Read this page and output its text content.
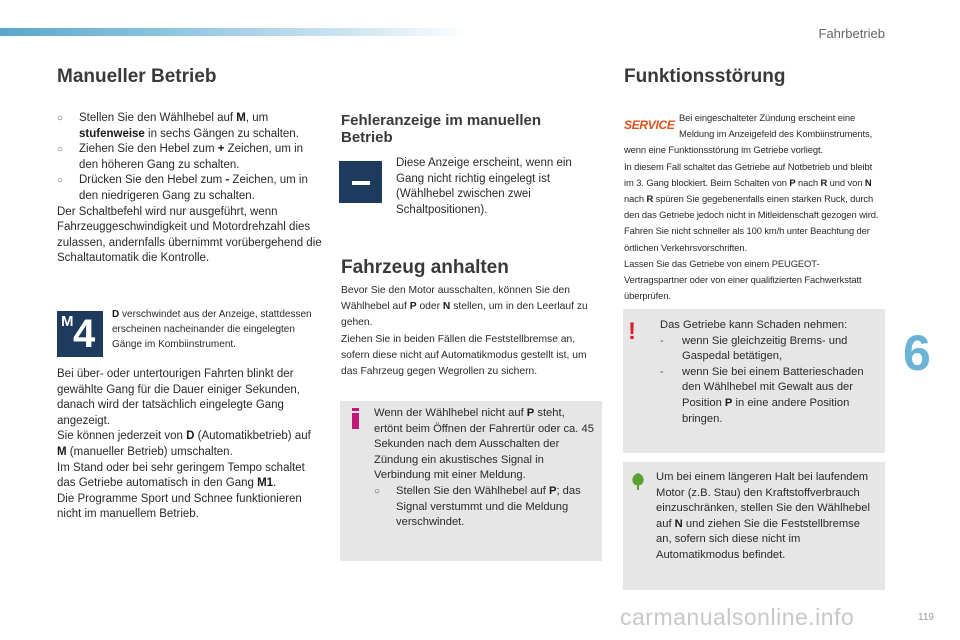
Fahrbetrieb
Manueller Betrieb
○ Stellen Sie den Wählhebel auf M, um stufenweise in sechs Gängen zu schalten.
○ Ziehen Sie den Hebel zum + Zeichen, um in den höheren Gang zu schalten.
○ Drücken Sie den Hebel zum - Zeichen, um in den niedrigeren Gang zu schalten.
Der Schaltbefehl wird nur ausgeführt, wenn Fahrzeuggeschwindigkeit und Motordrehzahl dies zulassen, andernfalls übernimmt vorübergehend die Schaltautomatik die Kontrolle.
M 4 D verschwindet aus der Anzeige, stattdessen erscheinen nacheinander die eingelegten Gänge im Kombiinstrument.
Bei über- oder untertourigen Fahrten blinkt der gewählte Gang für die Dauer einiger Sekunden, danach wird der tatsächlich eingelegte Gang angezeigt.
Sie können jederzeit von D (Automatikbetrieb) auf M (manueller Betrieb) umschalten.
Im Stand oder bei sehr geringem Tempo schaltet das Getriebe automatisch in den Gang M1.
Die Programme Sport und Schnee funktionieren nicht im manuellem Betrieb.
Fehleranzeige im manuellen Betrieb
Diese Anzeige erscheint, wenn ein Gang nicht richtig eingelegt ist (Wählhebel zwischen zwei Schaltpositionen).
Fahrzeug anhalten
Bevor Sie den Motor ausschalten, können Sie den Wählhebel auf P oder N stellen, um in den Leerlauf zu gehen.
Ziehen Sie in beiden Fällen die Feststellbremse an, sofern diese nicht auf Automatikmodus gestellt ist, um das Fahrzeug gegen Wegrollen zu sichern.
Wenn der Wählhebel nicht auf P steht, ertönt beim Öffnen der Fahrertür oder ca. 45 Sekunden nach dem Ausschalten der Zündung ein akustisches Signal in Verbindung mit einer Meldung.
○ Stellen Sie den Wählhebel auf P; das Signal verstummt und die Meldung verschwindet.
Funktionsstörung
SERVICE
Bei eingeschalteter Zündung erscheint eine
Meldung im Anzeigefeld des Kombiinstruments,
wenn eine Funktionsstörung im Getriebe vorliegt.
In diesem Fall schaltet das Getriebe auf Notbetrieb und bleibt
im 3. Gang blockiert. Beim Schalten von P nach R und von N
nach R spüren Sie gegebenenfalls einen starken Ruck, durch
den das Getriebe jedoch nicht in Mitleidenschaft gezogen wird.
Fahren Sie nicht schneller als 100 km/h unter Beachtung der
örtlichen Verkehrsvorschriften.
Lassen Sie das Getriebe von einem PEUGEOT-
Vertragspartner oder von einer qualifizierten Fachwerkstatt
überprüfen.
! Das Getriebe kann Schaden nehmen:
- wenn Sie gleichzeitig Brems- und Gaspedal betätigen,
- wenn Sie bei einem Batterieschaden den Wählhebel mit Gewalt aus der Position P in eine andere Position bringen.
Um bei einem längeren Halt bei laufendem Motor (z.B. Stau) den Kraftstoffverbrauch einzuschränken, stellen Sie den Wählhebel auf N und ziehen Sie die Feststellbremse an, sofern sich diese nicht im Automatikmodus befindet.
6
carmanualsonline.info	119
